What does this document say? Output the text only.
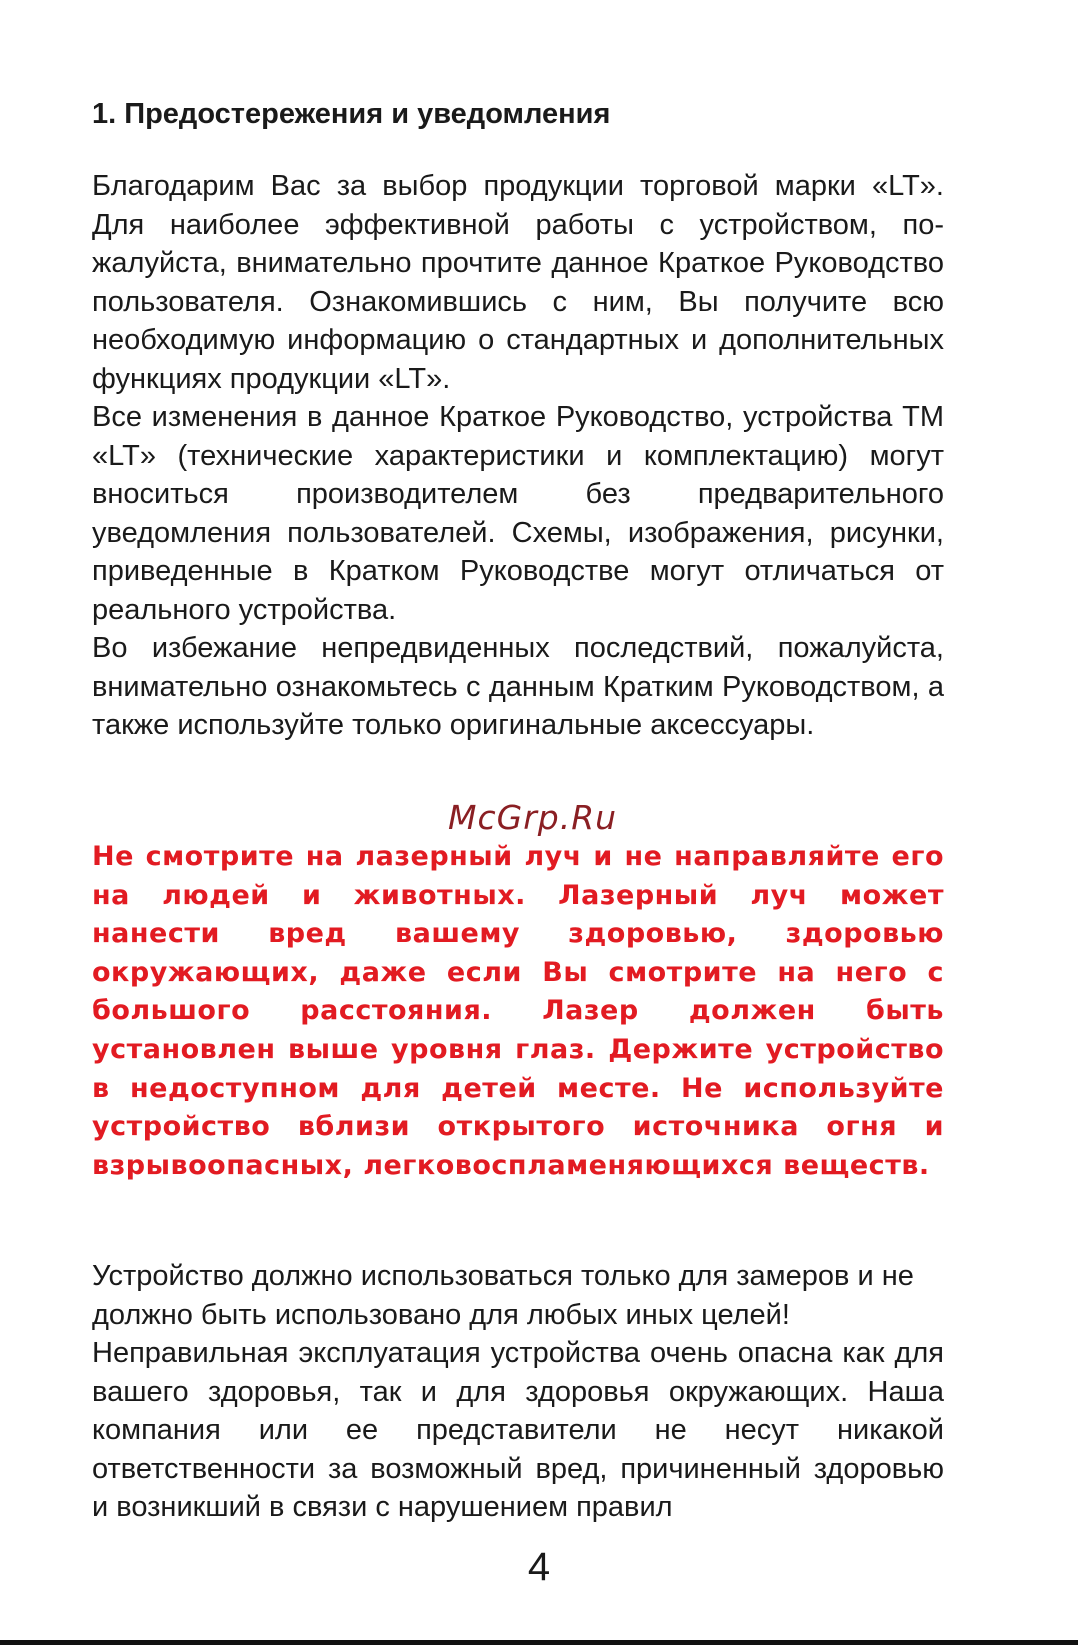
1. Предостережения и уведомления

Благодарим Вас за выбор продукции торговой марки «LT». Для наиболее эффективной работы с устройством, пожалуйста, внимательно прочтите данное Краткое Руководство пользователя. Ознакомившись с ним, Вы получите всю необходимую информацию о стандартных и дополнительных функциях продукции «LT».

Все изменения в данное Краткое Руководство, устройства ТМ «LT» (технические характеристики и комплектацию) могут вноситься производителем без предварительного уведомления пользователей. Схемы, изображения, рисунки, приведенные в Кратком Руководстве могут отличаться от реального устройства.

Во избежание непредвиденных последствий, пожалуйста, внимательно ознакомьтесь с данным Кратким Руководством, а также используйте только оригинальные аксессуары.

McGrp.Ru

Не смотрите на лазерный луч и не направляйте его на людей и животных. Лазерный луч может нанести вред вашему здоровью, здоровью окружающих, даже если Вы смотрите на него с большого расстояния. Лазер должен быть установлен выше уровня глаз. Держите устройство в недоступном для детей месте. Не используйте устройство вблизи открытого источника огня и взрывоопасных, легковоспламеняющихся веществ.

Устройство должно использоваться только для замеров и не должно быть использовано для любых иных целей!

Неправильная эксплуатация устройства очень опасна как для вашего здоровья, так и для здоровья окружающих. Наша компания или ее представители не несут никакой ответственности за возможный вред, причиненный здоровью и возникший в связи с нарушением правил

4
